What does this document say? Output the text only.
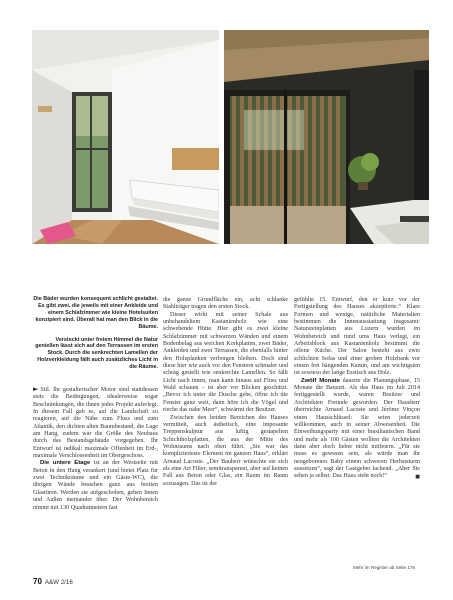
Die Bäder wurden konsequent schlicht gestaltet. Es gibt zwei, die jeweils mit einer Ankleide und einem Schlafzimmer wie kleine Hotelsuiten konzipiert sind. Überall hat man den Blick in die Bäume.

Versteckt unter freiem Himmel die Natur genießen lässt sich auf den Terrassen im ersten Stock. Durch die senkrechten Lamellen der Holzverkleidung fällt auch zusätzliches Licht in die Räume.

► Stil. Ihr gestalterischer Motor sind stattdessen stets die Bedingungen, idealerweise sogar Beschränkungen, die ihnen jedes Projekt auferlegt. In diesem Fall gab es, auf die Landschaft zu reagieren, auf die Nähe zum Fluss und zum Atlantik, den dichten alten Baumbestand, die Lage am Hang, zudem war die Größe des Neubaus durch das Bestandsgebäude vorgegeben. Ihr Entwurf ist radikal: maximale Offenheit im Erd-, maximale Verschlossenheit im Obergeschoss.

Die untere Etage ist an der Westseite mit Beton in den Hang verankert (und bietet Platz für zwei Technikräume und ein Gäste-WC), die übrigen Wände bestehen ganz aus breiten Glastüren. Werden sie aufgeschoben, gehen Innen und Außen ineinander über. Der Wohnbereich nimmt mit 130 Quadratmetern fast

die ganze Grundfläche ein, acht schlanke Stahlträger tragen den ersten Stock.

Dieser wirkt mit seiner Schale aus unbehandeltem Kastanienholz wie eine schwebende Hütte. Hier gibt es zwei kleine Schlafzimmer mit schwarzen Wänden und einem Bodenbelag aus weichen Korkplatten, zwei Bäder, Ankleiden und zwei Terrassen, die ebenfalls hinter den Holzplanken verborgen bleiben. Doch sind diese hier wie auch vor den Fenstern schmaler und schräg gestellt wie senkrechte Lamellen. So fällt Licht nach innen, man kann hinaus auf Fluss und Wald schauen – ist aber vor Blicken geschützt. „Bevor ich unter die Dusche gehe, öffne ich die Fenster ganz weit, dann höre ich die Vögel und rieche das nahe Meer“, schwärmt der Besitzer.

Zwischen den beiden Bereichen des Hauses vermittelt, auch ästhetisch, eine imposante Treppenskulptur aus luftig gestapelten Schichtholzplatten, die aus der Mitte des Wohnraums nach oben führt. „Sie war das komplizierteste Element im ganzen Haus“, erklärt Arnaud Lacoste. „Der Bauherr wünschte sie sich als eine Art Filter, semitransparent, aber auf keinen Fall aus Beton oder Glas, ein Raum im Raum sozusagen. Das ist der

gefühlte 15. Entwurf, den er kurz vor der Fertigstellung des Hauses akzeptierte.“ Klare Formen und wenige, natürliche Materialien bestimmen die Innenausstattung insgesamt: Natursteinplatten aus Luzern wurden im Wohnbereich und rund ums Haus verlegt, ein Arbeitsblock aus Kastanienholz bestimmt die offene Küche. Der Salon besteht aus zwei schlichten Sofas und einer groben Holzbank vor einem frei hängenden Kamin, und am wichtigsten ist sowieso der lange Esstisch aus Holz.

Zwölf Monate dauerte die Planungsphase, 15 Monate die Bauzeit. Als das Haus im Juli 2014 fertiggestellt wurde, waren Besitzer und Architekten Freunde geworden. Der Hausherr überreichte Arnaud Lacoste und Jérôme Vinçon einen Hausschlüssel: Sie seien jederzeit willkommen, auch in seiner Abwesenheit. Die Einweihungsparty mit einer brasilianischen Band und mehr als 100 Gästen wollten die Architekten dann aber doch lieber nicht mitfeiern. „Für sie muss es gewesen sein, als würde man ihr neugeborenes Baby einem schweren Herbststurm aussetzen“, sagt der Gastgeber lachend. „Aber Sie sehen ja selbst: Das Haus steht noch!“	■

Mehr im Register ab Seite 176
70 A&W 2/16
